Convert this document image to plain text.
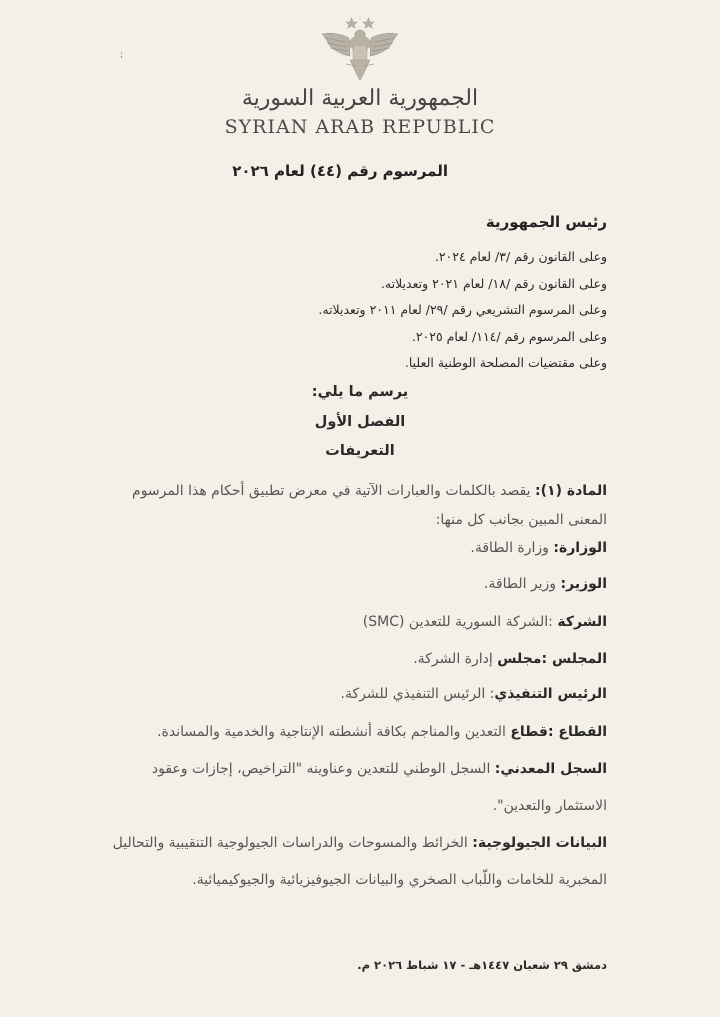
;
الجمهورية العربية السورية
SYRIAN ARAB REPUBLIC
المرسوم رقم (٤٤) لعام ٢٠٢٦
رئيس الجمهورية
وعلى القانون رقم /٣/ لعام ٢٠٢٤.
وعلى القانون رقم /١٨/ لعام ٢٠٢١ وتعديلاته.
وعلى المرسوم التشريعي رقم /٢٩/ لعام ٢٠١١ وتعديلاته.
وعلى المرسوم رقم /١١٤/ لعام ٢٠٢٥.
وعلى مقتضيات المصلحة الوطنية العليا.
يرسم ما يلي:
الفصل الأول
التعريفات
المادة (١): يقصد بالكلمات والعبارات الآتية في معرض تطبيق أحكام هذا المرسوم
المعنى المبين بجانب كل منها:
الوزارة: وزارة الطاقة.
الوزير: وزير الطاقة.
الشركة :الشركة السورية للتعدين (SMC)
المجلس :مجلس إدارة الشركة.
الرئيس التنفيذي: الرئيس التنفيذي للشركة.
القطاع :قطاع التعدين والمناجم بكافة أنشطته الإنتاجية والخدمية والمساندة.
السجل المعدني: السجل الوطني للتعدين وعناوينه "التراخيص، إجازات وعقود
الاستثمار والتعدين".
البيانات الجيولوجية: الخرائط والمسوحات والدراسات الجيولوجية التنقيبية والتحاليل
المخبرية للخامات واللّباب الصخري والبيانات الجيوفيزيائية والجيوكيميائية.
دمشق ٢٩ شعبان ١٤٤٧هـ - ١٧ شباط ٢٠٢٦ م.
